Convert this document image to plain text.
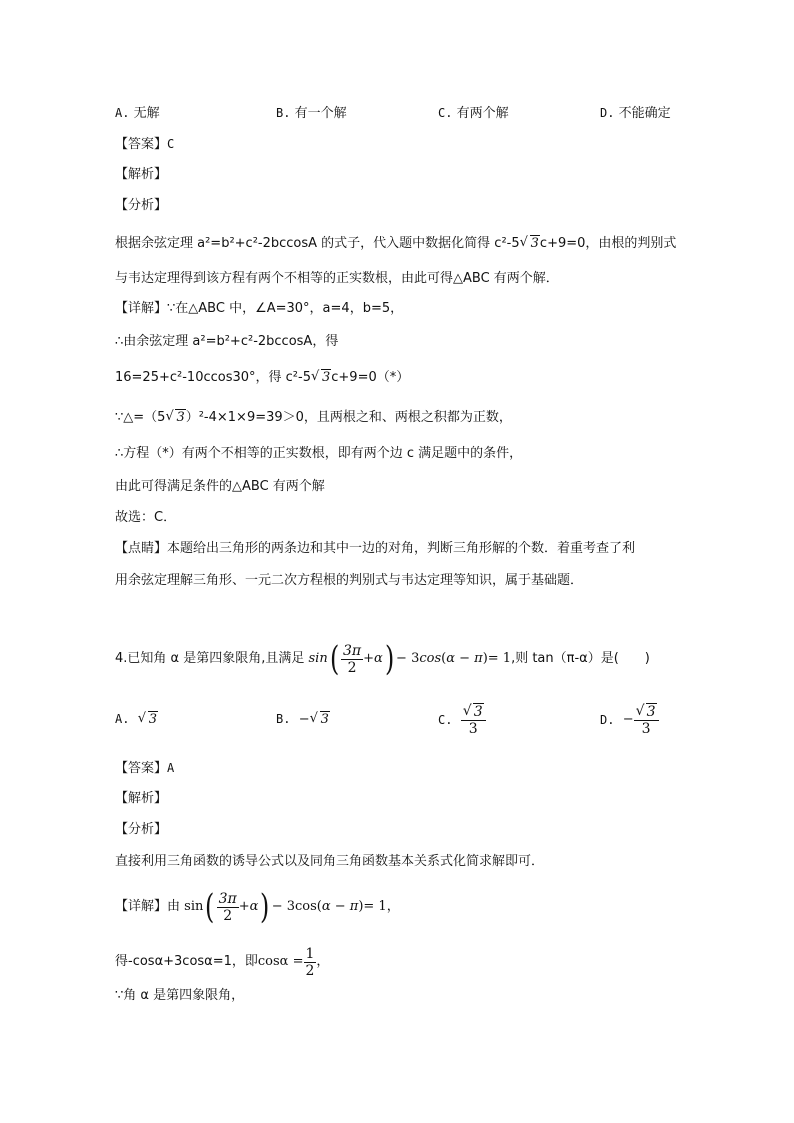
A. 无解	B. 有一个解	C. 有两个解	D. 不能确定
【答案】C
【解析】
【分析】
根据余弦定理 a²=b²+c²-2bccosA 的式子，代入题中数据化简得 c²-5 √ 3c+9=0，由根的判别式
与韦达定理得到该方程有两个不相等的正实数根，由此可得△ABC 有两个解．
【详解】∵在△ABC 中，∠A=30°，a=4，b=5，
∴由余弦定理 a²=b²+c²-2bccosA，得
16=25+c²-10ccos30°，得 c²-5 √ 3c+9=0（*）
∵△=（5 √ 3）²-4×1×9=39＞0，且两根之和、两根之积都为正数，
∴方程（*）有两个不相等的正实数根，即有两个边 c 满足题中的条件，
由此可得满足条件的△ABC 有两个解
故选：C．
【点睛】本题给出三角形的两条边和其中一边的对角，判断三角形解的个数．着重考查了利
用余弦定理解三角形、一元二次方程根的判别式与韦达定理等知识，属于基础题．
4.已知角 α 是第四象限角,且满足 $\sin( \frac{3\pi}{2} +\alpha) - 3\cos(\alpha - \pi)= 1$,则 tan（π-α）是(　　)
A. √ 3	B. − √ 3	C. √ $\frac{3}{3}$	D. − √ $\frac{3}{3}$
【答案】A
【解析】
【分析】
直接利用三角函数的诱导公式以及同角三角函数基本关系式化简求解即可．
【详解】由 $\sin( \frac{3\pi}{2} +\alpha) - 3\cos(\alpha - \pi)= 1$，
得-cosα+3cosα=1，即$\cos\alpha = \frac{1}{2}$ ，
∵角 α 是第四象限角，
